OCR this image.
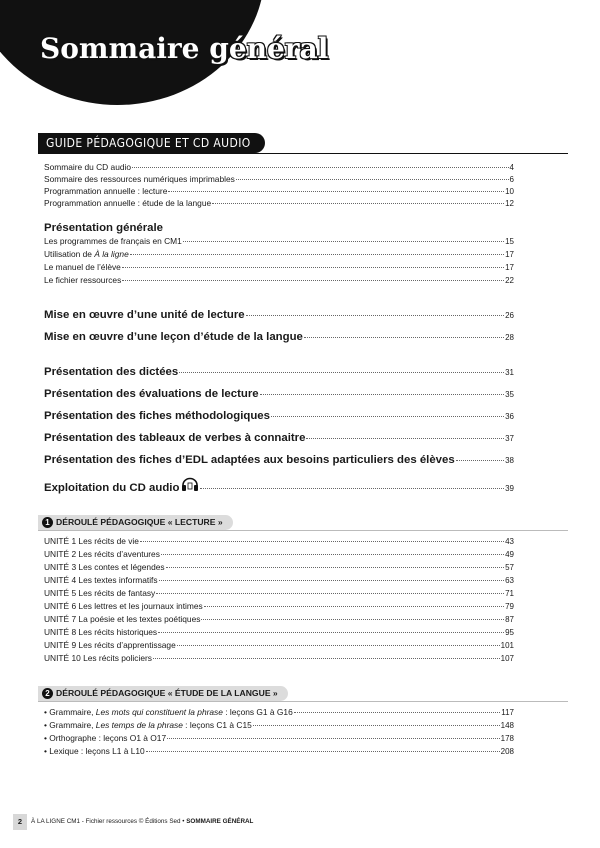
Sommaire général
GUIDE PÉDAGOGIQUE ET CD AUDIO
Sommaire du CD audio	4
Sommaire des ressources numériques imprimables	6
Programmation annuelle : lecture	10
Programmation annuelle : étude de la langue	12
Présentation générale
Les programmes de français en CM1	15
Utilisation de À la ligne	17
Le manuel de l’élève	17
Le fichier ressources	22
Mise en œuvre d’une unité de lecture	26
Mise en œuvre d’une leçon d’étude de la langue	28
Présentation des dictées	31
Présentation des évaluations de lecture	35
Présentation des fiches méthodologiques	36
Présentation des tableaux de verbes à connaitre	37
Présentation des fiches d’EDL adaptées aux besoins particuliers des élèves	38
Exploitation du CD audio	39
1 DÉROULÉ PÉDAGOGIQUE « LECTURE »
UNITÉ 1 Les récits de vie	43
UNITÉ 2 Les récits d’aventures	49
UNITÉ 3 Les contes et légendes	57
UNITÉ 4 Les textes informatifs	63
UNITÉ 5 Les récits de fantasy	71
UNITÉ 6 Les lettres et les journaux intimes	79
UNITÉ 7 La poésie et les textes poétiques	87
UNITÉ 8 Les récits historiques	95
UNITÉ 9 Les récits d’apprentissage	101
UNITÉ 10 Les récits policiers	107
2 DÉROULÉ PÉDAGOGIQUE « ÉTUDE DE LA LANGUE »
• Grammaire, Les mots qui constituent la phrase : leçons G1 à G16	117
• Grammaire, Les temps de la phrase : leçons C1 à C15	148
• Orthographe : leçons O1 à O17	178
• Lexique : leçons L1 à L10	208
2	À LA LIGNE CM1 - Fichier ressources © Éditions Sed • SOMMAIRE GÉNÉRAL
